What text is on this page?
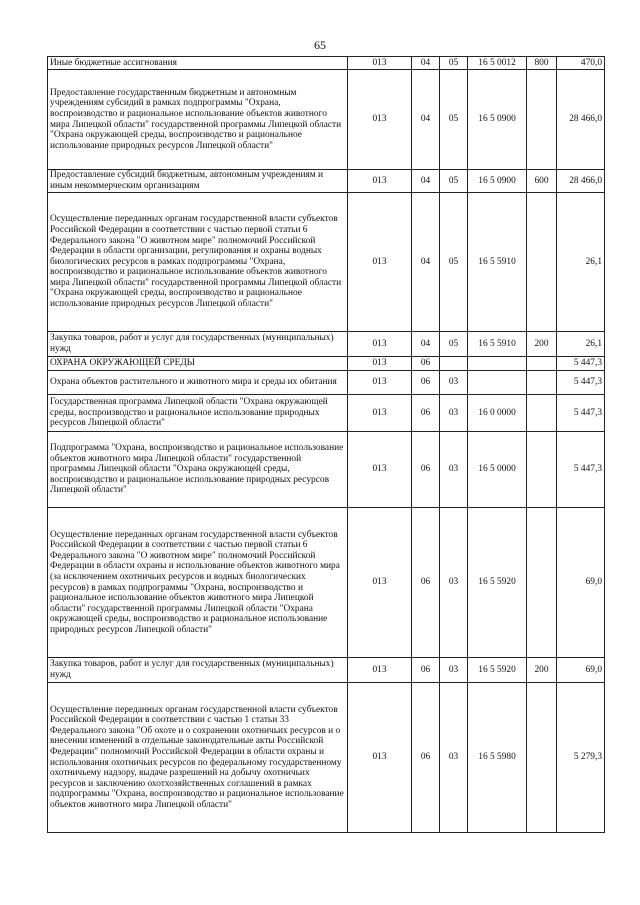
65
Иные бюджетные ассигнования	013	04	05	16 5 0012	800	470,0
Предоставление государственным бюджетным и автономным учреждениям субсидий в рамках подпрограммы "Охрана, воспроизводство и рациональное использование объектов животного мира Липецкой области" государственной программы Липецкой области "Охрана окружающей среды, воспроизводство и рациональное использование природных ресурсов Липецкой области"	013	04	05	16 5 0900		28 466,0
Предоставление субсидий бюджетным, автономным учреждениям и иным некоммерческим организациям	013	04	05	16 5 0900	600	28 466,0
Осуществление переданных органам государственной власти субъектов Российской Федерации в соответствии с частью первой статьи 6 Федерального закона "О животном мире" полномочий Российской Федерации в области организации, регулирования и охраны водных биологических ресурсов в рамках подпрограммы "Охрана, воспроизводство и рациональное использование объектов животного мира Липецкой области" государственной программы Липецкой области "Охрана окружающей среды, воспроизводство и рациональное использование природных ресурсов Липецкой области"	013	04	05	16 5 5910		26,1
Закупка товаров, работ и услуг для государственных (муниципальных) нужд	013	04	05	16 5 5910	200	26,1
ОХРАНА ОКРУЖАЮЩЕЙ СРЕДЫ	013	06				5 447,3
Охрана объектов растительного и животного мира и среды их обитания	013	06	03			5 447,3
Государственная программа Липецкой области "Охрана окружающей среды, воспроизводство и рациональное использование природных ресурсов Липецкой области"	013	06	03	16 0 0000		5 447,3
Подпрограмма "Охрана, воспроизводство и рациональное использование объектов животного мира Липецкой области" государственной программы Липецкой области "Охрана окружающей среды, воспроизводство и рациональное использование природных ресурсов Липецкой области"	013	06	03	16 5 0000		5 447,3
Осуществление переданных органам государственной власти субъектов Российской Федерации в соответствии с частью первой статьи 6 Федерального закона "О животном мире" полномочий Российской Федерации в области охраны и использование объектов животного мира (за исключением охотничьих ресурсов и водных биологических ресурсов) в рамках подпрограммы "Охрана, воспроизводство и рациональное использование объектов животного мира Липецкой области" государственной программы Липецкой области "Охрана окружающей среды, воспроизводство и рациональное использование природных ресурсов Липецкой области"	013	06	03	16 5 5920		69,0
Закупка товаров, работ и услуг для государственных (муниципальных) нужд	013	06	03	16 5 5920	200	69,0
Осуществление переданных органам государственной власти субъектов Российской Федерации в соответствии с частью 1 статьи 33 Федерального закона "Об охоте и о сохранении охотничьих ресурсов и о внесении изменений в отдельные законодательные акты Российской Федерации" полномочий Российской Федерации в области охраны и использования охотничьих ресурсов по федеральному государственному охотничьему надзору, выдаче разрешений на добычу охотничьих ресурсов и заключению охотхозяйственных соглашений в рамках подпрограммы "Охрана, воспроизводство и рациональное использование объектов животного мира Липецкой области"	013	06	03	16 5 5980		5 279,3
